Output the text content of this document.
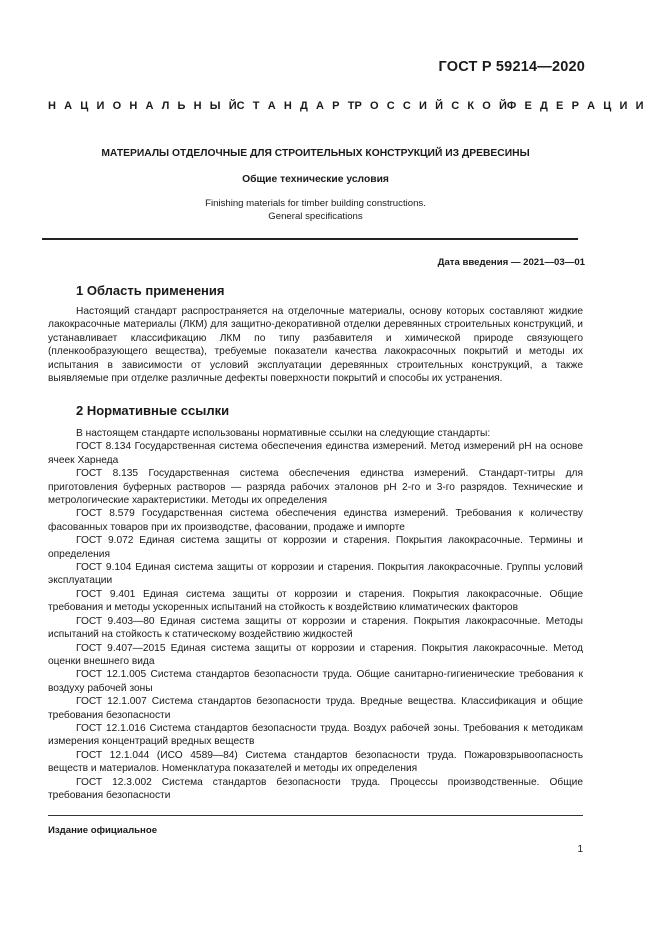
ГОСТ Р 59214—2020
Н А Ц И О Н А Л Ь Н Ы Й С Т А Н Д А Р Т Р О С С И Й С К О Й Ф Е Д Е Р А Ц И И
МАТЕРИАЛЫ ОТДЕЛОЧНЫЕ ДЛЯ СТРОИТЕЛЬНЫХ КОНСТРУКЦИЙ ИЗ ДРЕВЕСИНЫ
Общие технические условия
Finishing materials for timber building constructions.
General specifications
Дата введения — 2021—03—01
1 Область применения
Настоящий стандарт распространяется на отделочные материалы, основу которых составляют жидкие лакокрасочные материалы (ЛКМ) для защитно-декоративной отделки деревянных строительных конструкций, и устанавливает классификацию ЛКМ по типу разбавителя и химической природе связующего (пленкообразующего вещества), требуемые показатели качества лакокрасочных покрытий и методы их испытания в зависимости от условий эксплуатации деревянных строительных конструкций, а также выявляемые при отделке различные дефекты поверхности покрытий и способы их устранения.
2 Нормативные ссылки

В настоящем стандарте использованы нормативные ссылки на следующие стандарты:

ГОСТ 8.134 Государственная система обеспечения единства измерений. Метод измерений pH на основе ячеек Харнеда

ГОСТ 8.135 Государственная система обеспечения единства измерений. Стандарт-титры для приготовления буферных растворов — разряда рабочих эталонов pH 2-го и 3-го разрядов. Технические и метрологические характеристики. Методы их определения

ГОСТ 8.579 Государственная система обеспечения единства измерений. Требования к количеству фасованных товаров при их производстве, фасовании, продаже и импорте

ГОСТ 9.072 Единая система защиты от коррозии и старения. Покрытия лакокрасочные. Термины и определения

ГОСТ 9.104 Единая система защиты от коррозии и старения. Покрытия лакокрасочные. Группы условий эксплуатации

ГОСТ 9.401 Единая система защиты от коррозии и старения. Покрытия лакокрасочные. Общие требования и методы ускоренных испытаний на стойкость к воздействию климатических факторов

ГОСТ 9.403—80 Единая система защиты от коррозии и старения. Покрытия лакокрасочные. Методы испытаний на стойкость к статическому воздействию жидкостей

ГОСТ 9.407—2015 Единая система защиты от коррозии и старения. Покрытия лакокрасочные. Метод оценки внешнего вида

ГОСТ 12.1.005 Система стандартов безопасности труда. Общие санитарно-гигиенические требования к воздуху рабочей зоны

ГОСТ 12.1.007 Система стандартов безопасности труда. Вредные вещества. Классификация и общие требования безопасности

ГОСТ 12.1.016 Система стандартов безопасности труда. Воздух рабочей зоны. Требования к методикам измерения концентраций вредных веществ

ГОСТ 12.1.044 (ИСО 4589—84) Система стандартов безопасности труда. Пожаровзрывоопасность веществ и материалов. Номенклатура показателей и методы их определения

ГОСТ 12.3.002 Система стандартов безопасности труда. Процессы производственные. Общие требования безопасности

Издание официальное
1
